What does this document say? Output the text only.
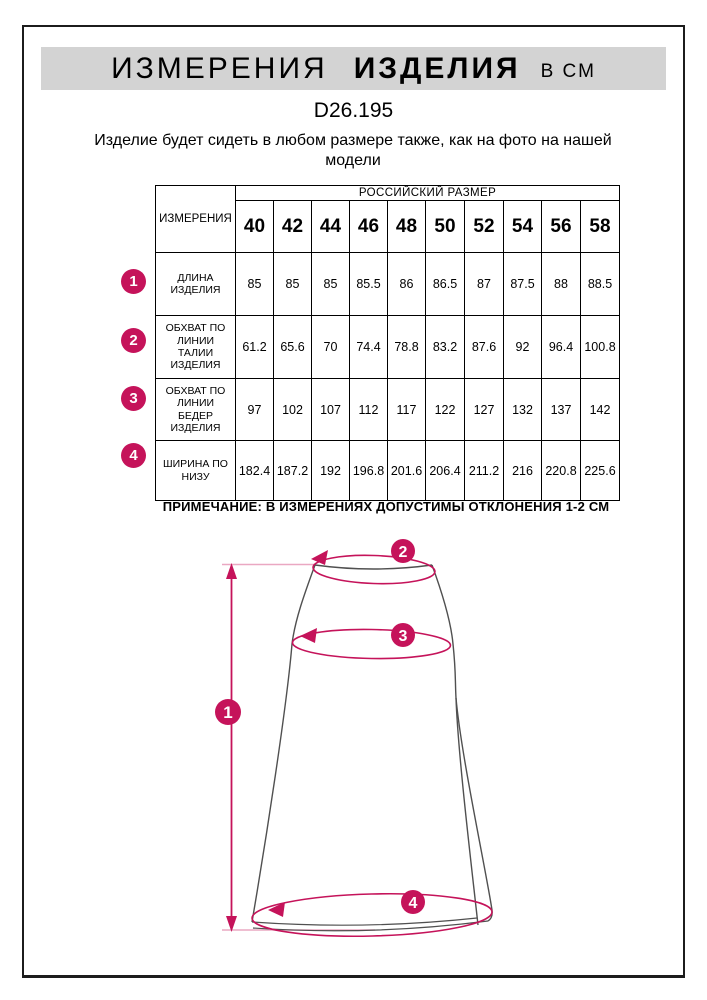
ИЗМЕРЕНИЯ ИЗДЕЛИЯ В СМ
D26.195
Изделие будет сидеть в любом размере также, как на фото на нашей модели
ИЗМЕРЕНИЯ	РОССИЙСКИЙ РАЗМЕР									
	40	42	44	46	48	50	52	54	56	58
ДЛИНА ИЗДЕЛИЯ	85	85	85	85.5	86	86.5	87	87.5	88	88.5
ОБХВАТ ПО ЛИНИИ ТАЛИИ ИЗДЕЛИЯ	61.2	65.6	70	74.4	78.8	83.2	87.6	92	96.4	100.8
ОБХВАТ ПО ЛИНИИ БЕДЕР ИЗДЕЛИЯ	97	102	107	112	117	122	127	132	137	142
ШИРИНА ПО НИЗУ	182.4	187.2	192	196.8	201.6	206.4	211.2	216	220.8	225.6
1
2
3
4
ПРИМЕЧАНИЕ: В ИЗМЕРЕНИЯХ ДОПУСТИМЫ ОТКЛОНЕНИЯ 1-2 СМ
1
2
3
4
